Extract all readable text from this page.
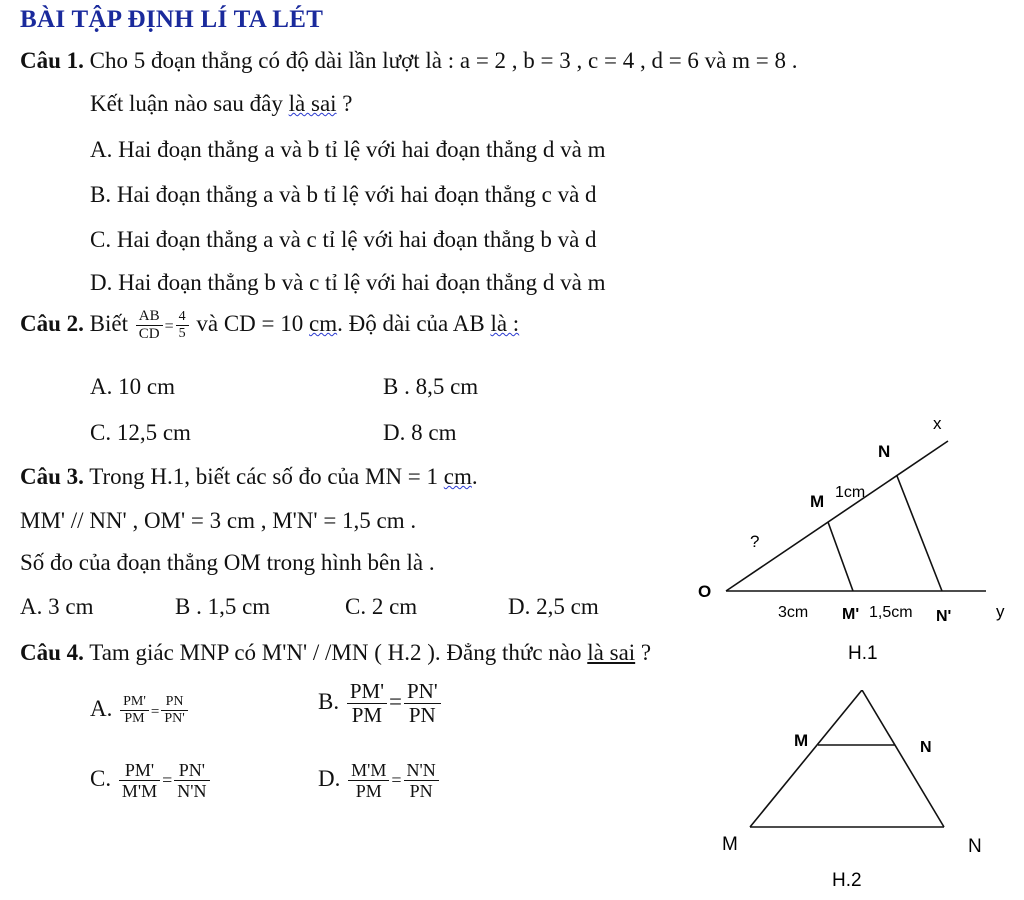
BÀI TẬP ĐỊNH LÍ TA LÉT
Câu 1. Cho 5 đoạn thẳng có độ dài lần lượt là : a = 2 , b = 3 , c = 4 , d = 6 và m = 8 .
Kết luận nào sau đây là sai ?
A. Hai đoạn thẳng a và b tỉ lệ với hai đoạn thẳng d và m
B. Hai đoạn thẳng a và b tỉ lệ với hai đoạn thẳng c và d
C. Hai đoạn thẳng a và c tỉ lệ với hai đoạn thẳng b và d
D. Hai đoạn thẳng b và c tỉ lệ với hai đoạn thẳng d và m
Câu 2. Biết $\frac{AB}{CD} = \frac{4}{5}$ và CD = 10 cm. Độ dài của AB là :
A. 10 cm	B . 8,5 cm
C. 12,5 cm	D. 8 cm
Câu 3. Trong H.1, biết các số đo của MN = 1 cm.
MM' // NN' , OM' = 3 cm , M'N' = 1,5 cm .
Số đo của đoạn thẳng OM trong hình bên là .
A. 3 cm	B . 1,5 cm	C. 2 cm	D. 2,5 cm
Câu 4. Tam giác MNP có M'N' / /MN ( H.2 ). Đẳng thức nào là sai ?
A. $\frac{PM'}{PM} = \frac{PN}{PN'}$	B. $\frac{PM'}{PM} = \frac{PN'}{PN}$
C. $\frac{PM'}{M'M} = \frac{PN'}{N'N}$	D. $\frac{M'M}{PM} = \frac{N'N}{PN}$
x
N
M 1cm
?
O
3cm M' 1,5cm N'	y
H.1
M	N
M	N
H.2
